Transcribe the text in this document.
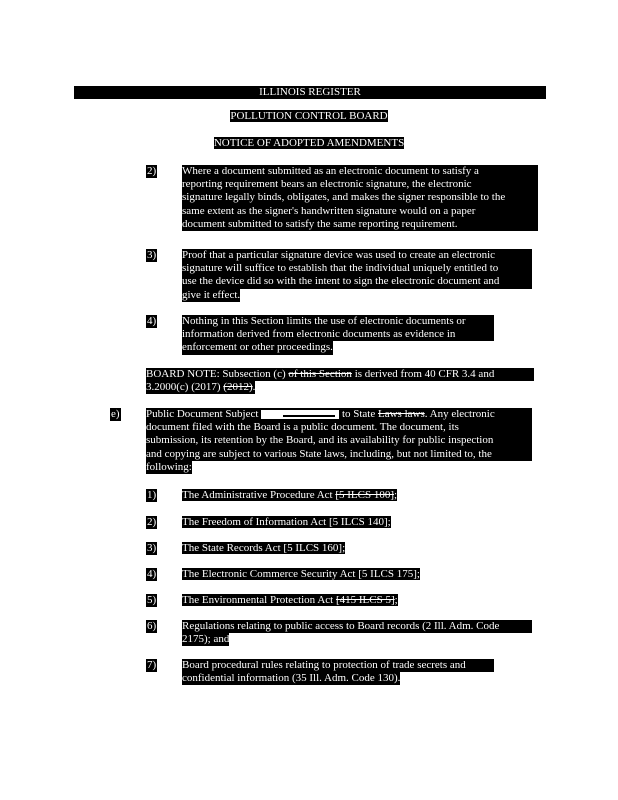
ILLINOIS REGISTER
POLLUTION CONTROL BOARD
NOTICE OF ADOPTED AMENDMENTS
2) Where a document submitted as an electronic document to satisfy a
reporting requirement bears an electronic signature, the electronic
signature legally binds, obligates, and makes the signer responsible to the
same extent as the signer's handwritten signature would on a paper
document submitted to satisfy the same reporting requirement.
3) Proof that a particular signature device was used to create an electronic
signature will suffice to establish that the individual uniquely entitled to
use the device did so with the intent to sign the electronic document and
give it effect.
4) Nothing in this Section limits the use of electronic documents or
information derived from electronic documents as evidence in
enforcement or other proceedings.
BOARD NOTE: Subsection (c) of this Section is derived from 40 CFR 3.4 and
3.2000(c) (2017) (2012).
e) Public Document Subject	to State Laws laws. Any electronic
document filed with the Board is a public document. The document, its
submission, its retention by the Board, and its availability for public inspection
and copying are subject to various State laws, including, but not limited to, the
following:
1) The Administrative Procedure Act [5 ILCS 100];
2) The Freedom of Information Act [5 ILCS 140];
3) The State Records Act [5 ILCS 160];
4) The Electronic Commerce Security Act [5 ILCS 175];
5) The Environmental Protection Act [415 ILCS 5];
6) Regulations relating to public access to Board records (2 Ill. Adm. Code
2175); and
7) Board procedural rules relating to protection of trade secrets and
confidential information (35 Ill. Adm. Code 130).
